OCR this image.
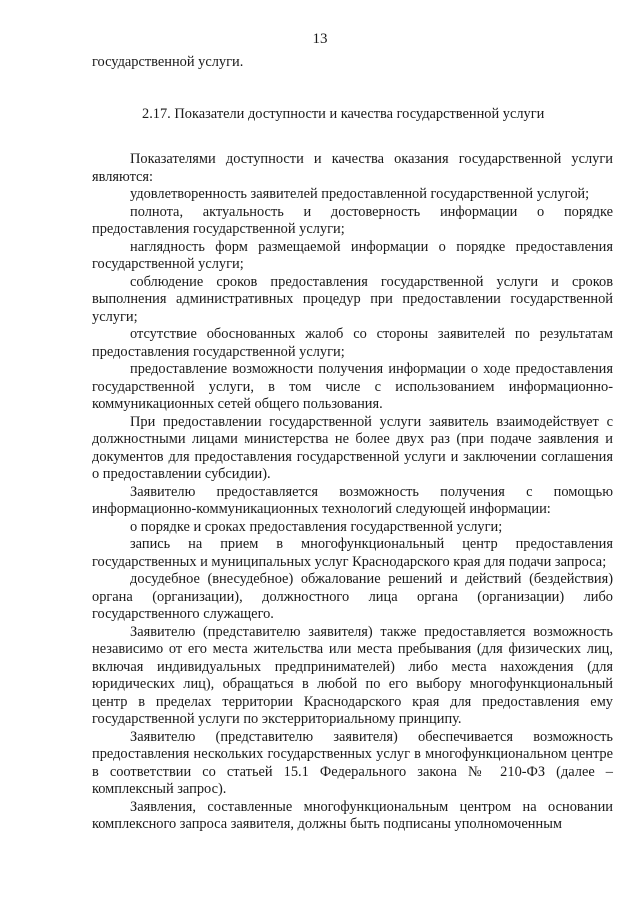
13

государственной услуги.

2.17. Показатели доступности и качества государственной услуги

Показателями доступности и качества оказания государственной услуги являются:

удовлетворенность заявителей предоставленной государственной услугой;

полнота, актуальность и достоверность информации о порядке предоставления государственной услуги;

наглядность форм размещаемой информации о порядке предоставления государственной услуги;

соблюдение сроков предоставления государственной услуги и сроков выполнения административных процедур при предоставлении государственной услуги;

отсутствие обоснованных жалоб со стороны заявителей по результатам предоставления государственной услуги;

предоставление возможности получения информации о ходе предоставления государственной услуги, в том числе с использованием информационно-коммуникационных сетей общего пользования.

При предоставлении государственной услуги заявитель взаимодействует с должностными лицами министерства не более двух раз (при подаче заявления и документов для предоставления государственной услуги и заключении соглашения о предоставлении субсидии).

Заявителю предоставляется возможность получения с помощью информационно-коммуникационных технологий следующей информации:

о порядке и сроках предоставления государственной услуги;

запись на прием в многофункциональный центр предоставления государственных и муниципальных услуг Краснодарского края для подачи запроса;

досудебное (внесудебное) обжалование решений и действий (бездействия) органа (организации), должностного лица органа (организации) либо государственного служащего.

Заявителю (представителю заявителя) также предоставляется возможность независимо от его места жительства или места пребывания (для физических лиц, включая индивидуальных предпринимателей) либо места нахождения (для юридических лиц), обращаться в любой по его выбору многофункциональный центр в пределах территории Краснодарского края для предоставления ему государственной услуги по экстерриториальному принципу.

Заявителю (представителю заявителя) обеспечивается возможность предоставления нескольких государственных услуг в многофункциональном центре в соответствии со статьей 15.1 Федерального закона № 210-ФЗ (далее – комплексный запрос).

Заявления, составленные многофункциональным центром на основании комплексного запроса заявителя, должны быть подписаны уполномоченным
